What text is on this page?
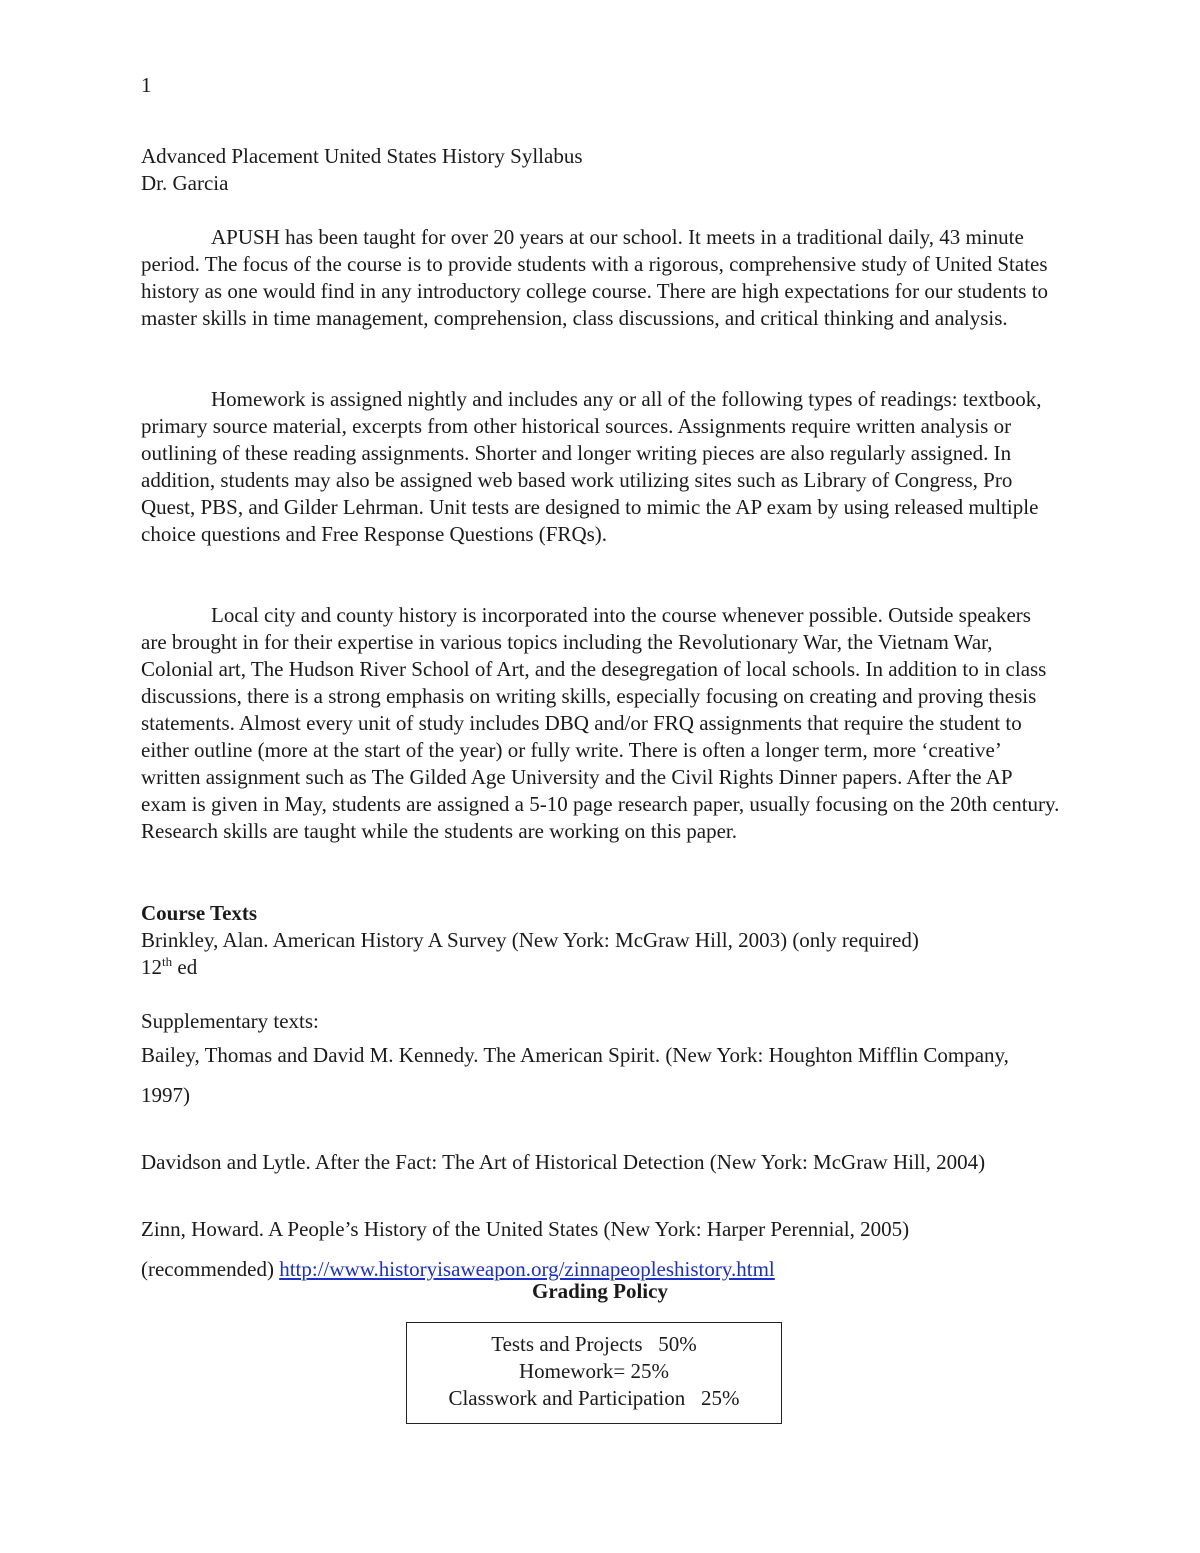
1
Advanced Placement United States History Syllabus
Dr. Garcia

APUSH has been taught for over 20 years at our school. It meets in a traditional daily, 43 minute period. The focus of the course is to provide students with a rigorous, comprehensive study of United States history as one would find in any introductory college course. There are high expectations for our students to master skills in time management, comprehension, class discussions, and critical thinking and analysis.

Homework is assigned nightly and includes any or all of the following types of readings: textbook, primary source material, excerpts from other historical sources. Assignments require written analysis or outlining of these reading assignments. Shorter and longer writing pieces are also regularly assigned. In addition, students may also be assigned web based work utilizing sites such as Library of Congress, Pro Quest, PBS, and Gilder Lehrman. Unit tests are designed to mimic the AP exam by using released multiple choice questions and Free Response Questions (FRQs).

Local city and county history is incorporated into the course whenever possible. Outside speakers are brought in for their expertise in various topics including the Revolutionary War, the Vietnam War, Colonial art, The Hudson River School of Art, and the desegregation of local schools. In addition to in class discussions, there is a strong emphasis on writing skills, especially focusing on creating and proving thesis statements. Almost every unit of study includes DBQ and/or FRQ assignments that require the student to either outline (more at the start of the year) or fully write. There is often a longer term, more ‘creative’ written assignment such as The Gilded Age University and the Civil Rights Dinner papers. After the AP exam is given in May, students are assigned a 5-10 page research paper, usually focusing on the 20th century. Research skills are taught while the students are working on this paper.

Course Texts
Brinkley, Alan. American History A Survey (New York: McGraw Hill, 2003) (only required)
12th ed
Supplementary texts:
Bailey, Thomas and David M. Kennedy. The American Spirit. (New York: Houghton Mifflin Company, 1997)
Davidson and Lytle. After the Fact: The Art of Historical Detection (New York: McGraw Hill, 2004)
Zinn, Howard. A People’s History of the United States (New York: Harper Perennial, 2005)
(recommended) http://www.historyisaweapon.org/zinnapeopleshistory.html
Grading Policy
Tests and Projects   50%
Homework= 25%
Classwork and Participation   25%
